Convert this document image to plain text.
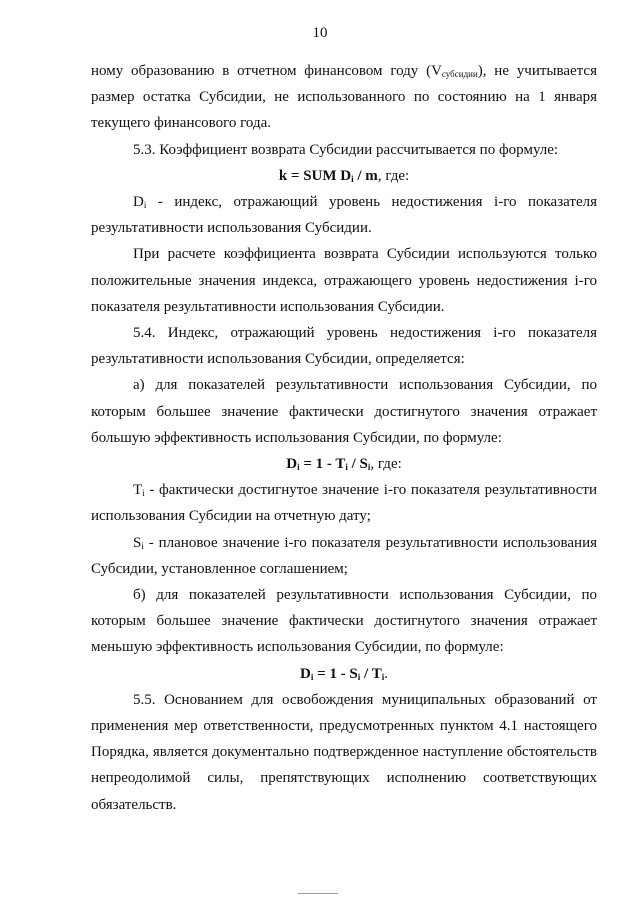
10

ному образованию в отчетном финансовом году $(V_{субсидии})$, не учитывается размер остатка Субсидии, не использованного по состоянию на 1 января текущего финансового года.

5.3. Коэффициент возврата Субсидии рассчитывается по формуле:

k = SUM $D_i$ / m, где:

$D_i$ - индекс, отражающий уровень недостижения i-го показателя результативности использования Субсидии.

При расчете коэффициента возврата Субсидии используются только положительные значения индекса, отражающего уровень недостижения i-го показателя результативности использования Субсидии.

5.4. Индекс, отражающий уровень недостижения i-го показателя результативности использования Субсидии, определяется:

а) для показателей результативности использования Субсидии, по которым большее значение фактически достигнутого значения отражает большую эффективность использования Субсидии, по формуле:

$D_i = 1 - T_i / S_i$, где:

$T_i$ - фактически достигнутое значение i-го показателя результативности использования Субсидии на отчетную дату;

$S_i$ - плановое значение i-го показателя результативности использования Субсидии, установленное соглашением;

б) для показателей результативности использования Субсидии, по которым большее значение фактически достигнутого значения отражает меньшую эффективность использования Субсидии, по формуле:

$D_i = 1 - S_i / T_i$.

5.5. Основанием для освобождения муниципальных образований от применения мер ответственности, предусмотренных пунктом 4.1 настоящего Порядка, является документально подтвержденное наступление обстоятельств непреодолимой силы, препятствующих исполнению соответствующих обязательств.
